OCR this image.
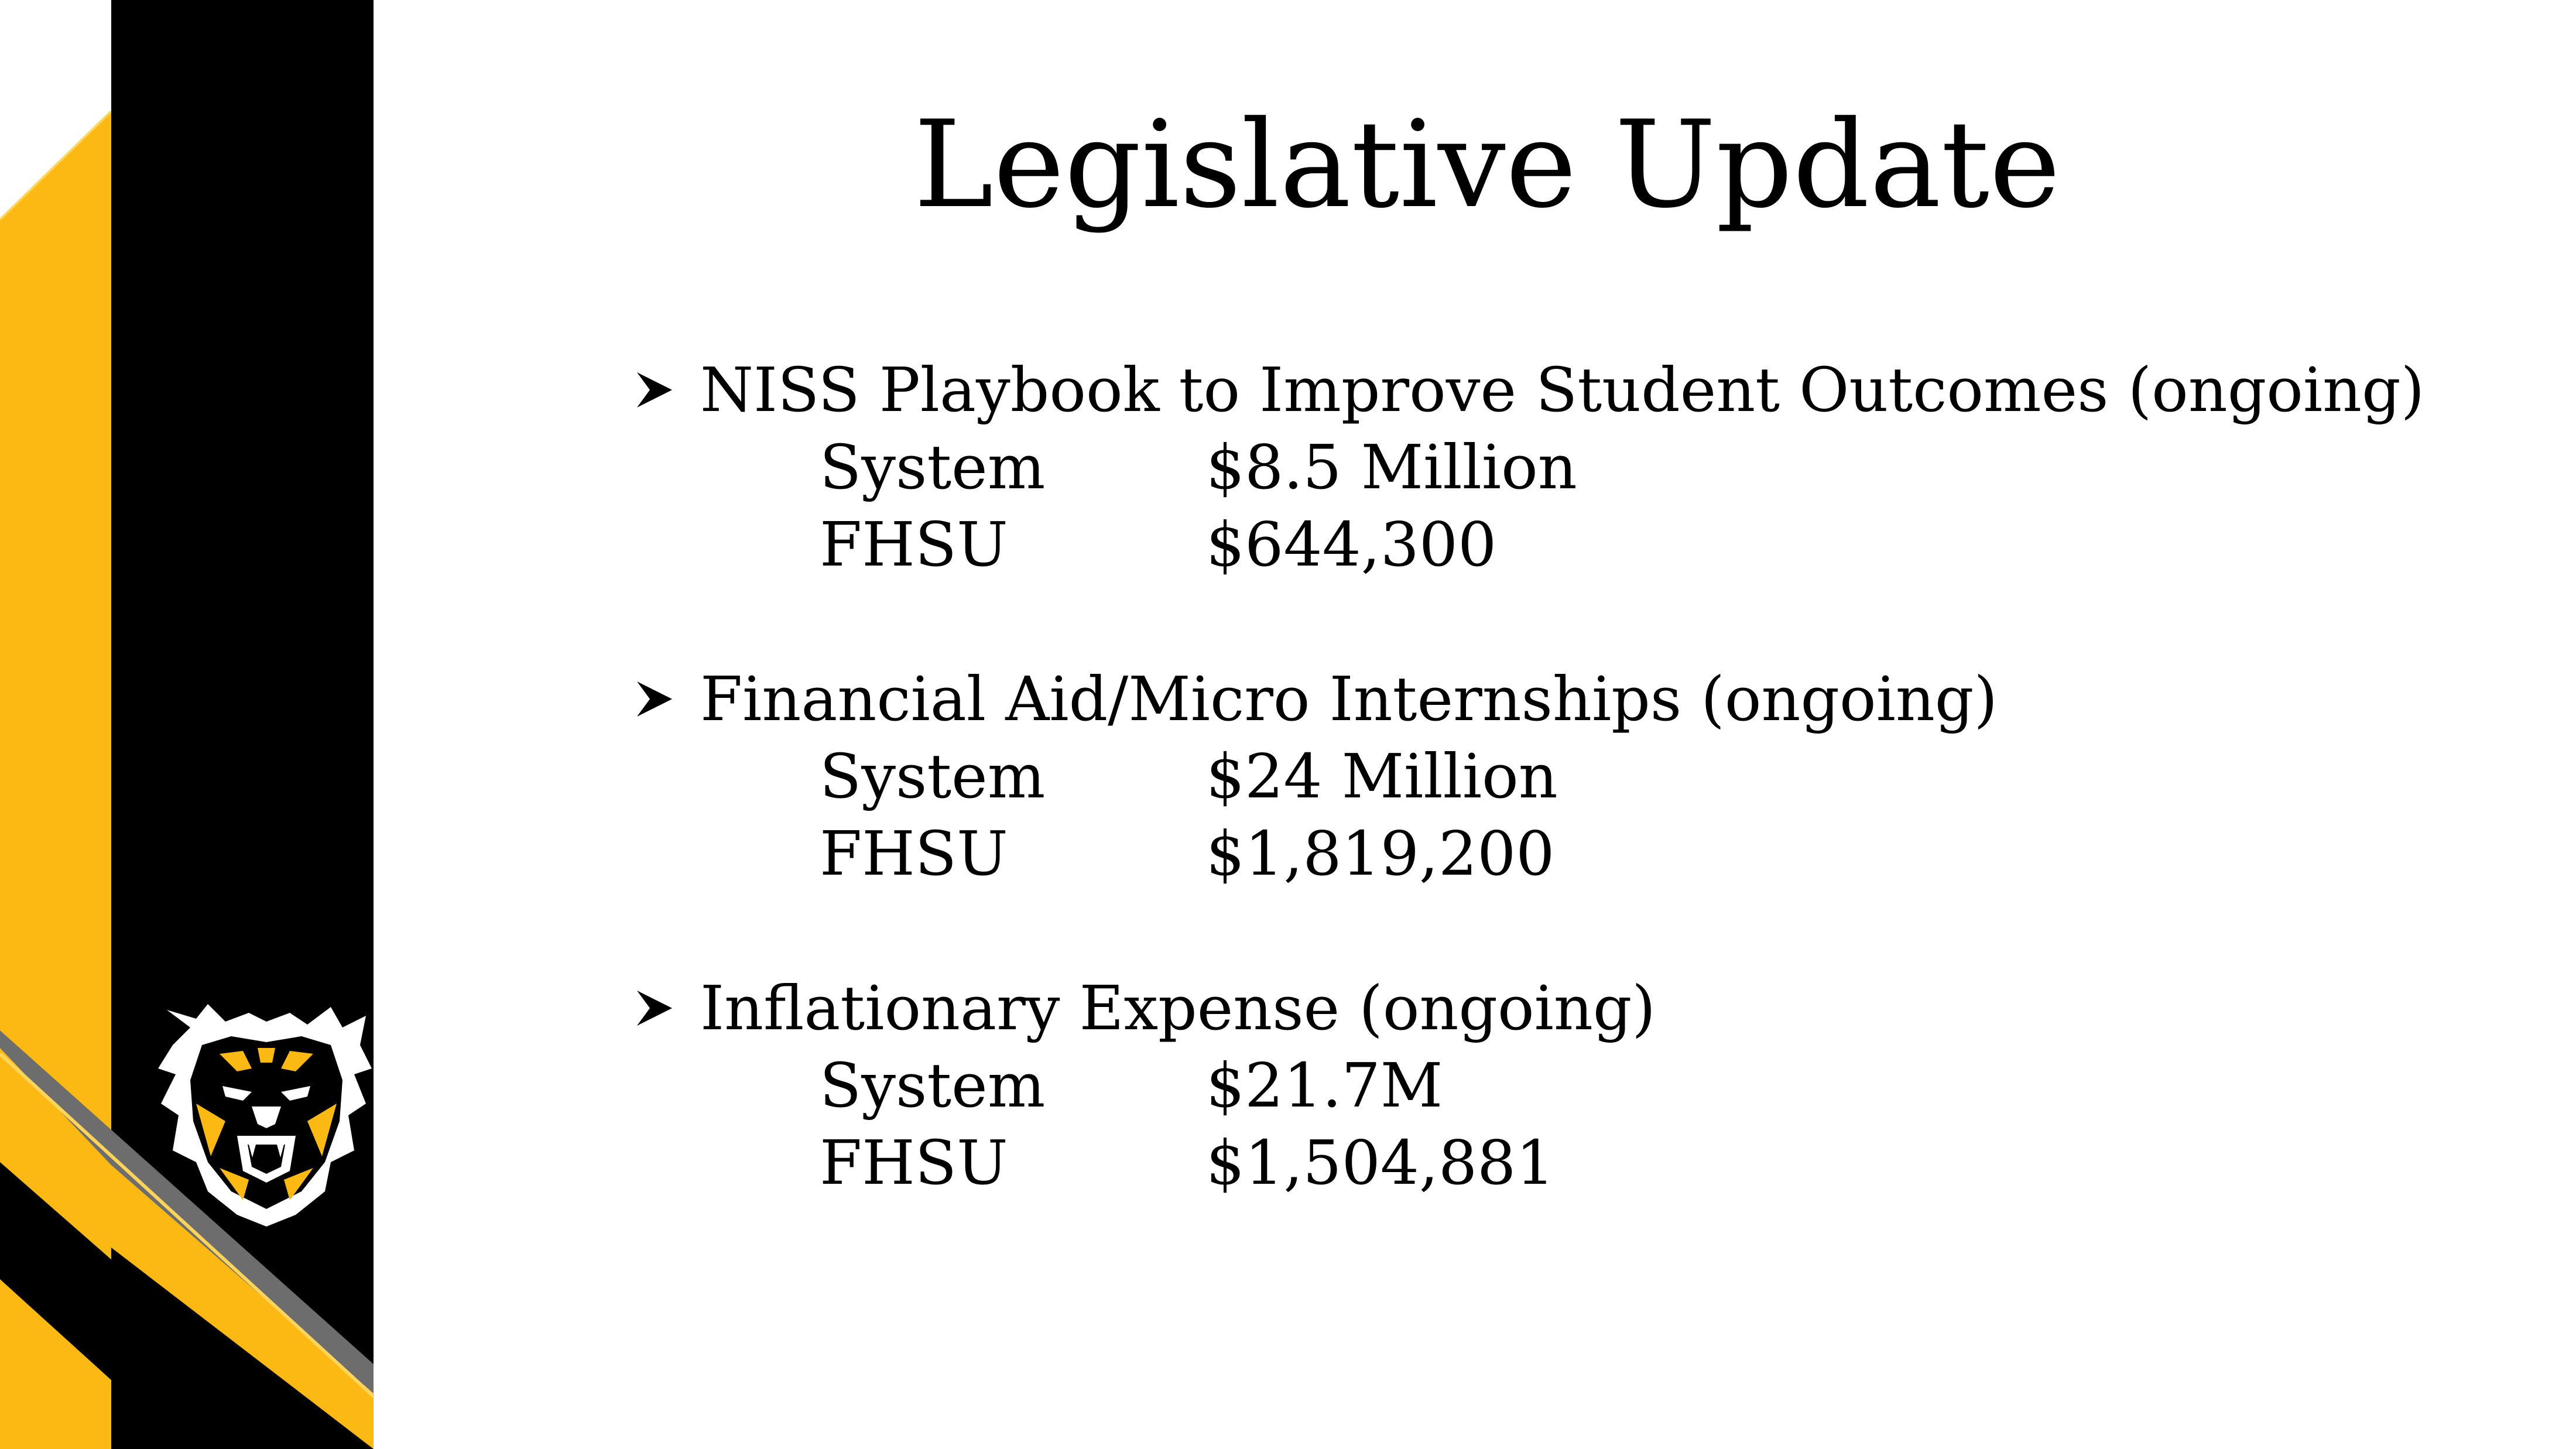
Legislative Update
NISS Playbook to Improve Student Outcomes (ongoing)
System	$8.5 Million
FHSU	$644,300
Financial Aid/Micro Internships (ongoing)
System	$24 Million
FHSU	$1,819,200
Inflationary Expense (ongoing)
System	$21.7M
FHSU	$1,504,881
